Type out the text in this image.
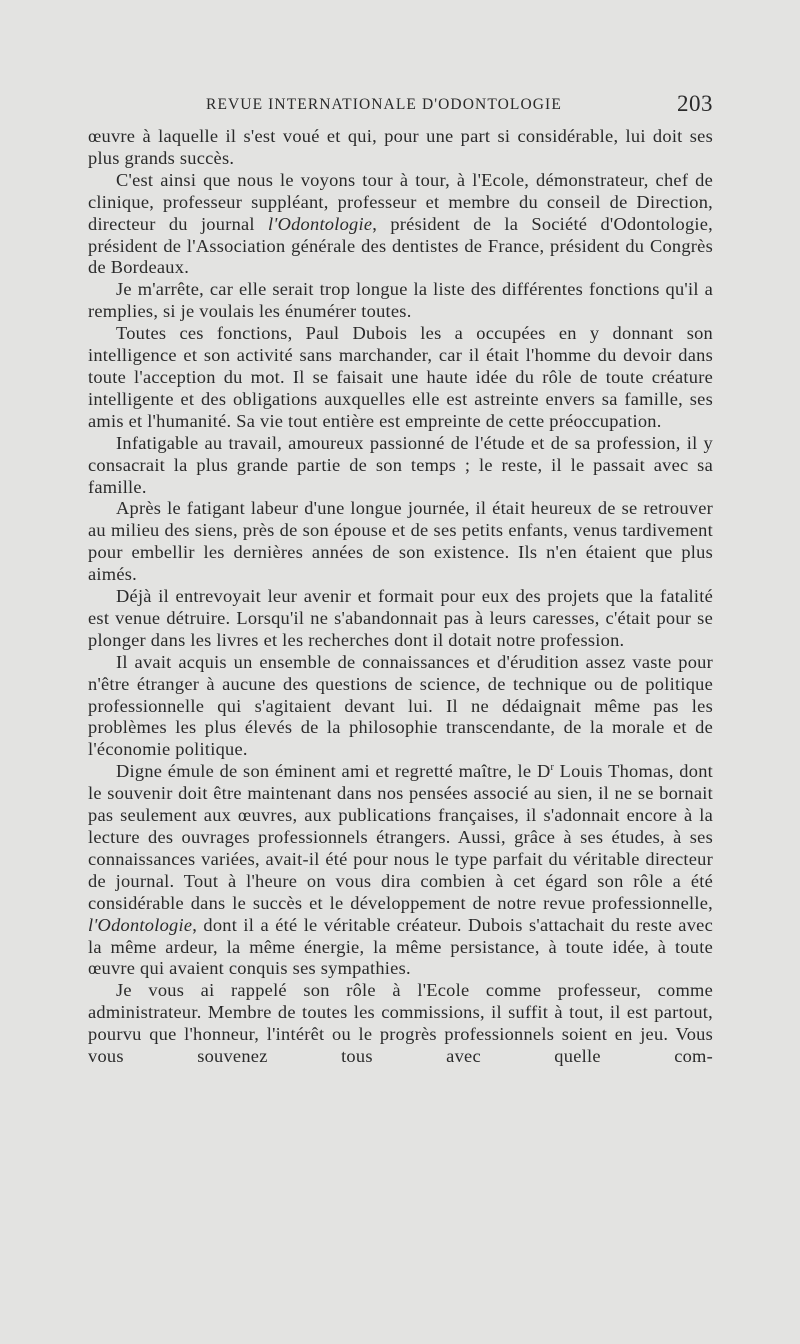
REVUE INTERNATIONALE D'ODONTOLOGIE	203

œuvre à laquelle il s'est voué et qui, pour une part si considérable, lui doit ses plus grands succès.

C'est ainsi que nous le voyons tour à tour, à l'Ecole, démonstrateur, chef de clinique, professeur suppléant, professeur et membre du conseil de Direction, directeur du journal l'Odontologie, président de la Société d'Odontologie, président de l'Association générale des dentistes de France, président du Congrès de Bordeaux.

Je m'arrête, car elle serait trop longue la liste des différentes fonctions qu'il a remplies, si je voulais les énumérer toutes.

Toutes ces fonctions, Paul Dubois les a occupées en y donnant son intelligence et son activité sans marchander, car il était l'homme du devoir dans toute l'acception du mot. Il se faisait une haute idée du rôle de toute créature intelligente et des obligations auxquelles elle est astreinte envers sa famille, ses amis et l'humanité. Sa vie tout entière est empreinte de cette préoccupation.

Infatigable au travail, amoureux passionné de l'étude et de sa profession, il y consacrait la plus grande partie de son temps ; le reste, il le passait avec sa famille.

Après le fatigant labeur d'une longue journée, il était heureux de se retrouver au milieu des siens, près de son épouse et de ses petits enfants, venus tardivement pour embellir les dernières années de son existence. Ils n'en étaient que plus aimés.

Déjà il entrevoyait leur avenir et formait pour eux des projets que la fatalité est venue détruire. Lorsqu'il ne s'abandonnait pas à leurs caresses, c'était pour se plonger dans les livres et les recherches dont il dotait notre profession.

Il avait acquis un ensemble de connaissances et d'érudition assez vaste pour n'être étranger à aucune des questions de science, de technique ou de politique professionnelle qui s'agitaient devant lui. Il ne dédaignait même pas les problèmes les plus élevés de la philosophie transcendante, de la morale et de l'économie politique.

Digne émule de son éminent ami et regretté maître, le $D^r$ Louis Thomas, dont le souvenir doit être maintenant dans nos pensées associé au sien, il ne se bornait pas seulement aux œuvres, aux publications françaises, il s'adonnait encore à la lecture des ouvrages professionnels étrangers. Aussi, grâce à ses études, à ses connaissances variées, avait-il été pour nous le type parfait du véritable directeur de journal. Tout à l'heure on vous dira combien à cet égard son rôle a été considérable dans le succès et le développement de notre revue professionnelle, l'Odontologie, dont il a été le véritable créateur. Dubois s'attachait du reste avec la même ardeur, la même énergie, la même persistance, à toute idée, à toute œuvre qui avaient conquis ses sympathies.

Je vous ai rappelé son rôle à l'Ecole comme professeur, comme administrateur. Membre de toutes les commissions, il suffit à tout, il est partout, pourvu que l'honneur, l'intérêt ou le progrès professionnels soient en jeu. Vous vous souvenez tous avec quelle com-
